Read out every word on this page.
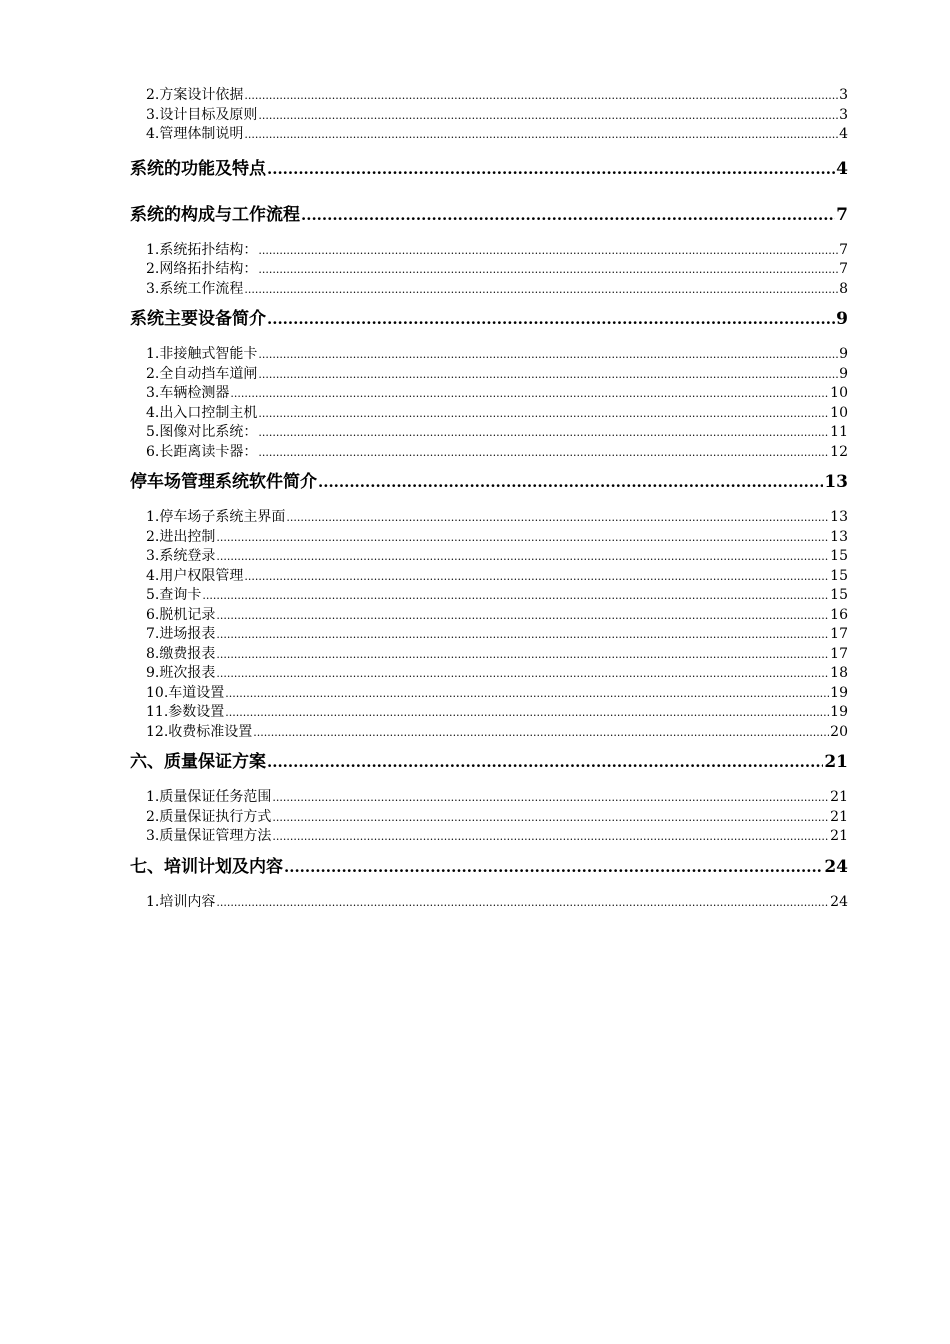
2.方案设计依据 .....	3
3.设计目标及原则 .....	3
4.管理体制说明 .....	4
系统的功能及特点 .....	4
系统的构成与工作流程 .....	7
1.系统拓扑结构： .....	7
2.网络拓扑结构： .....	7
3.系统工作流程 .....	8
系统主要设备简介 .....	9
1.非接触式智能卡 .....	9
2.全自动挡车道闸 .....	9
3.车辆检测器 .....	10
4.出入口控制主机 .....	10
5.图像对比系统： .....	11
6.长距离读卡器： .....	12
停车场管理系统软件简介 .....	13
1.停车场子系统主界面 .....	13
2.进出控制 .....	13
3.系统登录 .....	15
4.用户权限管理 .....	15
5.查询卡 .....	15
6.脱机记录 .....	16
7.进场报表 .....	17
8.缴费报表 .....	17
9.班次报表 .....	18
10.车道设置 .....	19
11.参数设置 .....	19
12.收费标准设置 .....	20
六、质量保证方案 .....	21
1.质量保证任务范围 .....	21
2.质量保证执行方式 .....	21
3.质量保证管理方法 .....	21
七、培训计划及内容 .....	24
1.培训内容 .....	24
